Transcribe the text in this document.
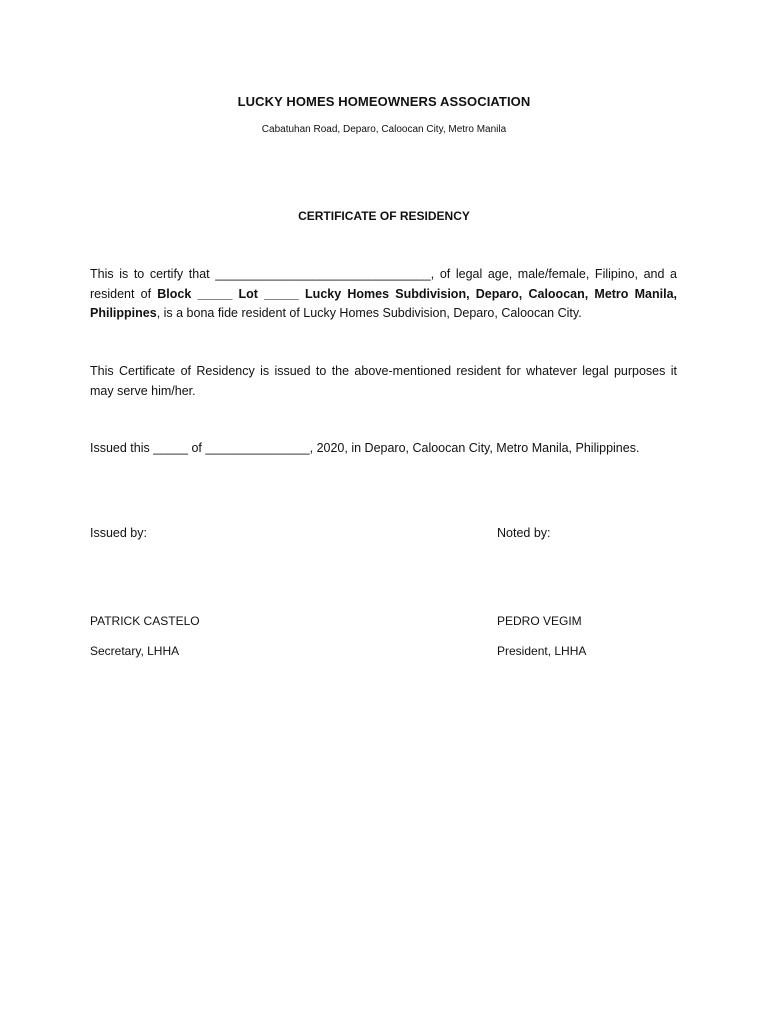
LUCKY HOMES HOMEOWNERS ASSOCIATION
Cabatuhan Road, Deparo, Caloocan City, Metro Manila
CERTIFICATE OF RESIDENCY
This is to certify that _______________________________, of legal age, male/female, Filipino, and a resident of Block _____ Lot _____ Lucky Homes Subdivision, Deparo, Caloocan, Metro Manila, Philippines, is a bona fide resident of Lucky Homes Subdivision, Deparo, Caloocan City.
This Certificate of Residency is issued to the above-mentioned resident for whatever legal purposes it may serve him/her.
Issued this _____ of _______________, 2020, in Deparo, Caloocan City, Metro Manila, Philippines.
Issued by:	Noted by:
PATRICK CASTELO	PEDRO VEGIM
Secretary, LHHA	President, LHHA
